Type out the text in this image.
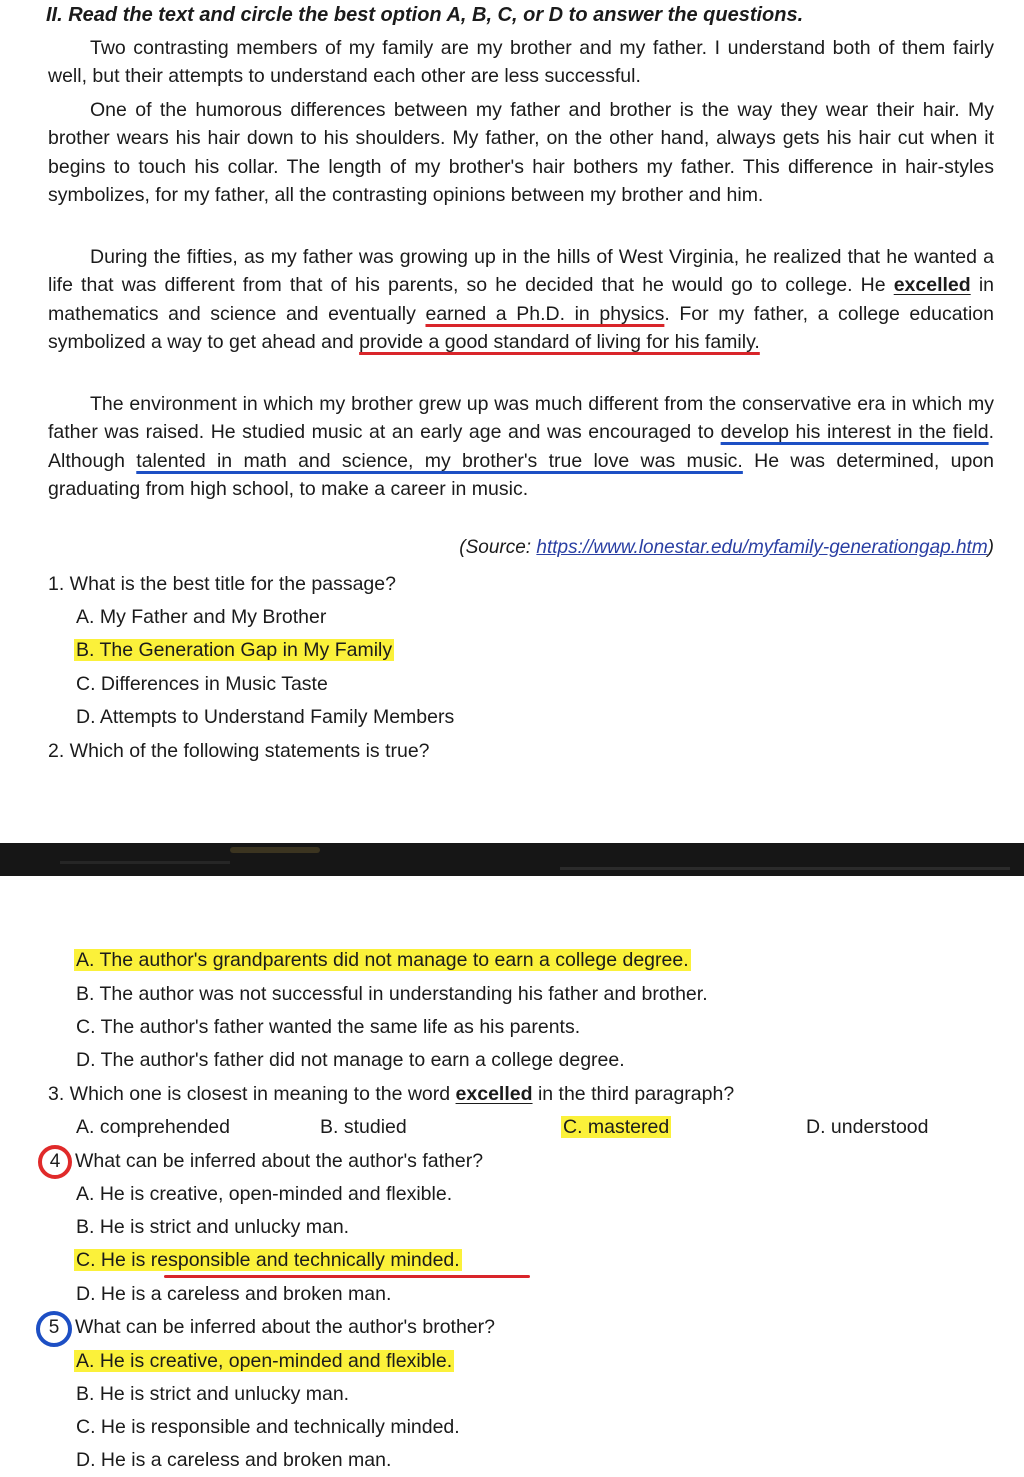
II. Read the text and circle the best option A, B, C, or D to answer the questions.

Two contrasting members of my family are my brother and my father. I understand both of them fairly well, but their attempts to understand each other are less successful.

One of the humorous differences between my father and brother is the way they wear their hair. My brother wears his hair down to his shoulders. My father, on the other hand, always gets his hair cut when it begins to touch his collar. The length of my brother's hair bothers my father. This difference in hair-styles symbolizes, for my father, all the contrasting opinions between my brother and him.

During the fifties, as my father was growing up in the hills of West Virginia, he realized that he wanted a life that was different from that of his parents, so he decided that he would go to college. He excelled in mathematics and science and eventually earned a Ph.D. in physics. For my father, a college education symbolized a way to get ahead and provide a good standard of living for his family.

The environment in which my brother grew up was much different from the conservative era in which my father was raised. He studied music at an early age and was encouraged to develop his interest in the field. Although talented in math and science, my brother's true love was music. He was determined, upon graduating from high school, to make a career in music.

(Source: https://www.lonestar.edu/myfamily-generationgap.htm)
1. What is the best title for the passage?
A. My Father and My Brother
B. The Generation Gap in My Family
C. Differences in Music Taste
D. Attempts to Understand Family Members
2. Which of the following statements is true?
A. The author's grandparents did not manage to earn a college degree.
B. The author was not successful in understanding his father and brother.
C. The author's father wanted the same life as his parents.
D. The author's father did not manage to earn a college degree.
3. Which one is closest in meaning to the word excelled in the third paragraph?
A. comprehended	B. studied	C. mastered	D. understood
4 What can be inferred about the author's father?
A. He is creative, open-minded and flexible.
B. He is strict and unlucky man.
C. He is responsible and technically minded.
D. He is a careless and broken man.
5 What can be inferred about the author's brother?
A. He is creative, open-minded and flexible.
B. He is strict and unlucky man.
C. He is responsible and technically minded.
D. He is a careless and broken man.
